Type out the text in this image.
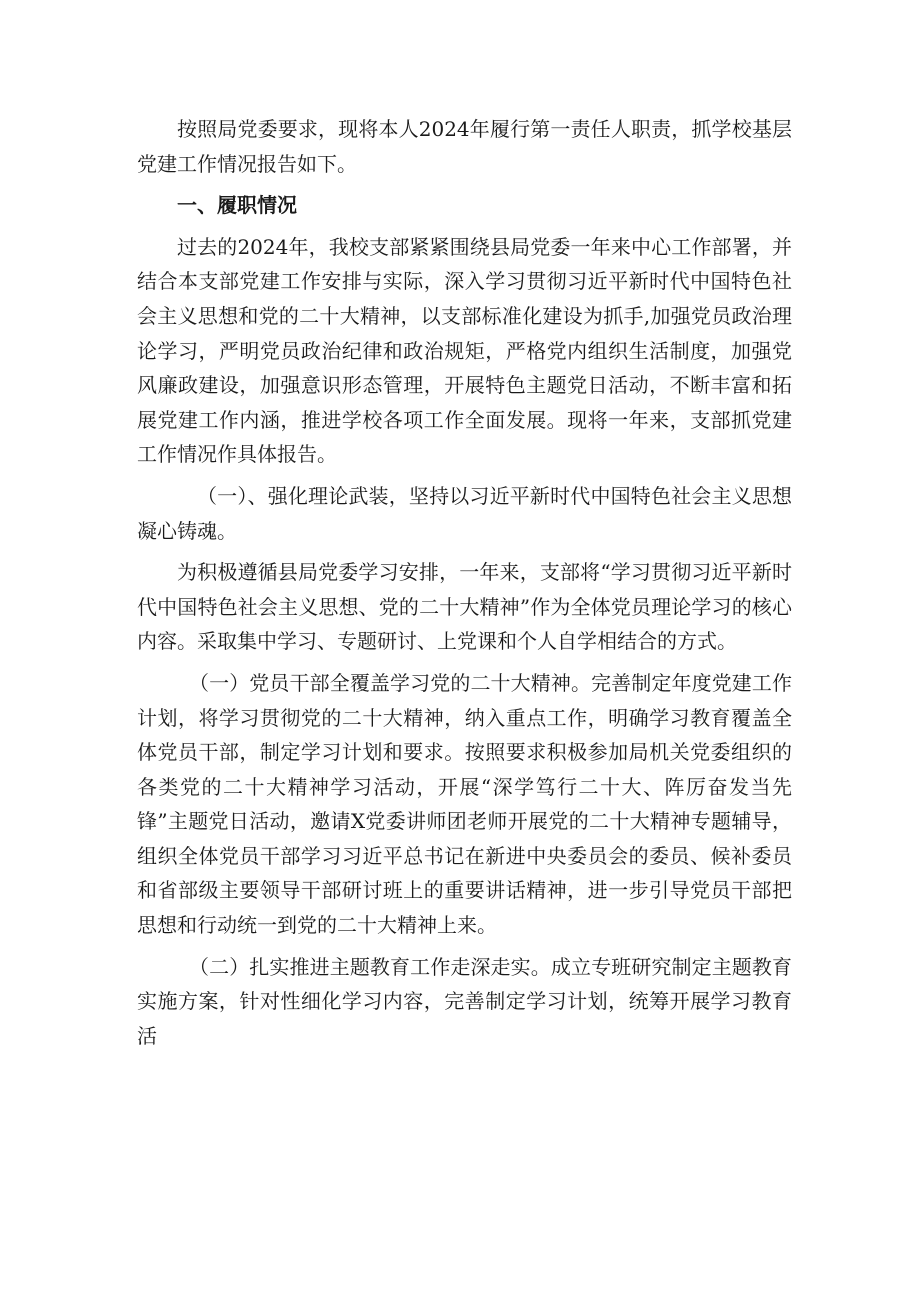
按照局党委要求，现将本人2024年履行第一责任人职责，抓学校基层党建工作情况报告如下。

一、履职情况

过去的2024年，我校支部紧紧围绕县局党委一年来中心工作部署，并结合本支部党建工作安排与实际，深入学习贯彻习近平新时代中国特色社会主义思想和党的二十大精神，以支部标准化建设为抓手,加强党员政治理论学习，严明党员政治纪律和政治规矩，严格党内组织生活制度，加强党风廉政建设，加强意识形态管理，开展特色主题党日活动，不断丰富和拓展党建工作内涵，推进学校各项工作全面发展。现将一年来，支部抓党建工作情况作具体报告。

（一）、强化理论武装，坚持以习近平新时代中国特色社会主义思想凝心铸魂。

为积极遵循县局党委学习安排，一年来，支部将“学习贯彻习近平新时代中国特色社会主义思想、党的二十大精神”作为全体党员理论学习的核心内容。采取集中学习、专题研讨、上党课和个人自学相结合的方式。

（一）党员干部全覆盖学习党的二十大精神。完善制定年度党建工作计划，将学习贯彻党的二十大精神，纳入重点工作，明确学习教育覆盖全体党员干部，制定学习计划和要求。按照要求积极参加局机关党委组织的各类党的二十大精神学习活动，开展“深学笃行二十大、阵厉奋发当先锋”主题党日活动，邀请X党委讲师团老师开展党的二十大精神专题辅导，组织全体党员干部学习习近平总书记在新进中央委员会的委员、候补委员和省部级主要领导干部研讨班上的重要讲话精神，进一步引导党员干部把思想和行动统一到党的二十大精神上来。

（二）扎实推进主题教育工作走深走实。成立专班研究制定主题教育实施方案，针对性细化学习内容，完善制定学习计划，统筹开展学习教育活
